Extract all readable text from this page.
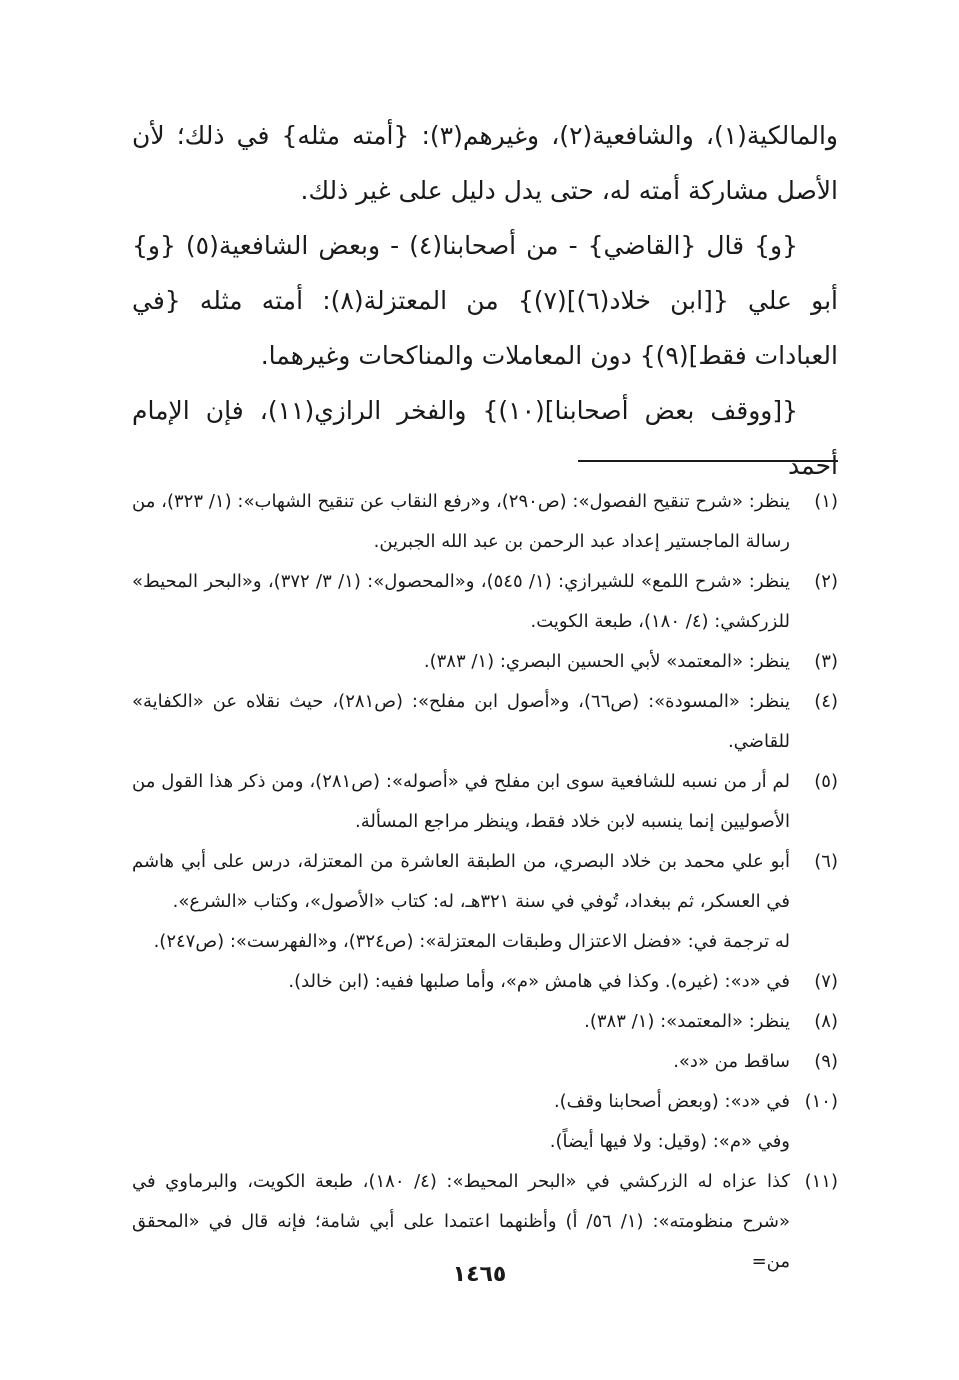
والمالكية(١)، والشافعية(٢)، وغيرهم(٣): {أمته مثله} في ذلك؛ لأن الأصل مشاركة أمته له، حتى يدل دليل على غير ذلك.

{و} قال {القاضي} - من أصحابنا(٤) - وبعض الشافعية(٥) {و} أبو علي {[ابن خلاد(٦)](٧)} من المعتزلة(٨): أمته مثله {في العبادات فقط](٩)} دون المعاملات والمناكحات وغيرهما.

{[ووقف بعض أصحابنا](١٠)} والفخر الرازي(١١)، فإن الإمام أحمد

(١)

ينظر: «شرح تنقيح الفصول»: (ص٢٩٠)، و«رفع النقاب عن تنقيح الشهاب»: (١/ ٣٢٣)، من رسالة الماجستير إعداد عبد الرحمن بن عبد الله الجبرين.

(٢)

ينظر: «شرح اللمع» للشيرازي: (١/ ٥٤٥)، و«المحصول»: (١/ ٣/ ٣٧٢)، و«البحر المحيط» للزركشي: (٤/ ١٨٠)، طبعة الكويت.

(٣)

ينظر: «المعتمد» لأبي الحسين البصري: (١/ ٣٨٣).

(٤)

ينظر: «المسودة»: (ص٦٦)، و«أصول ابن مفلح»: (ص٢٨١)، حيث نقلاه عن «الكفاية» للقاضي.

(٥)

لم أر من نسبه للشافعية سوى ابن مفلح في «أصوله»: (ص٢٨١)، ومن ذكر هذا القول من الأصوليين إنما ينسبه لابن خلاد فقط، وينظر مراجع المسألة.

(٦)

أبو علي محمد بن خلاد البصري، من الطبقة العاشرة من المعتزلة، درس على أبي هاشم في العسكر، ثم ببغداد، تُوفي في سنة ٣٢١هـ، له: كتاب «الأصول»، وكتاب «الشرع».

له ترجمة في: «فضل الاعتزال وطبقات المعتزلة»: (ص٣٢٤)، و«الفهرست»: (ص٢٤٧).

(٧)

في «د»: (غيره). وكذا في هامش «م»، وأما صلبها ففيه: (ابن خالد).

(٨)

ينظر: «المعتمد»: (١/ ٣٨٣).

(٩)

ساقط من «د».

(١٠)

في «د»: (وبعض أصحابنا وقف).

وفي «م»: (وقيل: ولا فيها أيضاً).

(١١)

كذا عزاه له الزركشي في «البحر المحيط»: (٤/ ١٨٠)، طبعة الكويت، والبرماوي في «شرح منظومته»: (١/ ٥٦/ أ) وأظنهما اعتمدا على أبي شامة؛ فإنه قال في «المحقق من=

١٤٦٥
